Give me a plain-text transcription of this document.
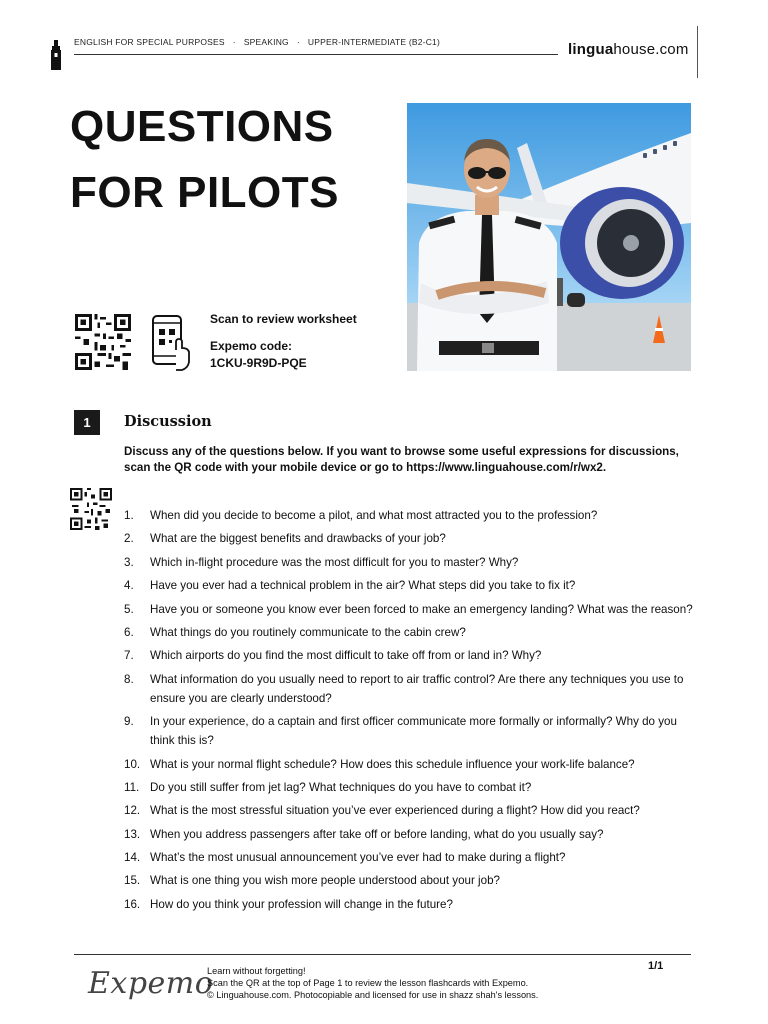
ENGLISH FOR SPECIAL PURPOSES · SPEAKING · UPPER-INTERMEDIATE (B2-C1)	linguahouse.com
QUESTIONS
FOR PILOTS
Scan to review worksheet
Expemo code:
1CKU-9R9D-PQE
1	Discussion
Discuss any of the questions below. If you want to browse some useful expressions for discussions, scan the QR code with your mobile device or go to https://www.linguahouse.com/r/wx2.
1. When did you decide to become a pilot, and what most attracted you to the profession?
2. What are the biggest benefits and drawbacks of your job?
3. Which in-flight procedure was the most difficult for you to master? Why?
4. Have you ever had a technical problem in the air? What steps did you take to fix it?
5. Have you or someone you know ever been forced to make an emergency landing? What was the reason?
6. What things do you routinely communicate to the cabin crew?
7. Which airports do you find the most difficult to take off from or land in? Why?
8. What information do you usually need to report to air traffic control? Are there any techniques you use to ensure you are clearly understood?
9. In your experience, do a captain and first officer communicate more formally or informally? Why do you think this is?
10. What is your normal flight schedule? How does this schedule influence your work-life balance?
11. Do you still suffer from jet lag? What techniques do you have to combat it?
12. What is the most stressful situation you’ve ever experienced during a flight? How did you react?
13. When you address passengers after take off or before landing, what do you usually say?
14. What’s the most unusual announcement you’ve ever had to make during a flight?
15. What is one thing you wish more people understood about your job?
16. How do you think your profession will change in the future?
Expemo
Learn without forgetting!
Scan the QR at the top of Page 1 to review the lesson flashcards with Expemo.
© Linguahouse.com. Photocopiable and licensed for use in shazz shah's lessons.
1/1
